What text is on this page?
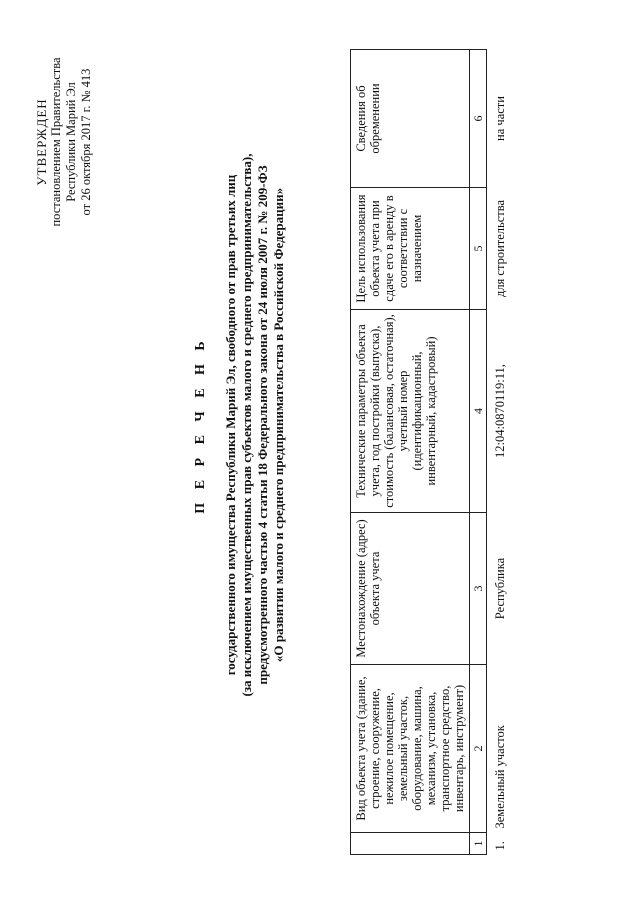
УТВЕРЖДЕН постановлением Правительства Республики Марий Эл от 26 октября 2017 г. № 413
П Е Р Е Ч Е Н Ь государственного имущества Республики Марий Эл, свободного от прав третьих лиц (за исключением имущественных прав субъектов малого и среднего предпринимательства), предусмотренного частью 4 статьи 18 Федерального закона от 24 июля 2007 г. № 209-ФЗ «О развитии малого и среднего предпринимательства в Российской Федерации»
	Вид объекта учета (здание, строение, сооружение, нежилое помещение, земельный участок, оборудование, машина, механизм, установка, транспортное средство, инвентарь, инструмент)	Местонахождение (адрес) объекта учета	Технические параметры объекта учета, год постройки (выпуска), стоимость (балансовая, остаточная), учетный номер (идентификационный, инвентарный, кадастровый)	Цель использования объекта учета при сдаче его в аренду в соответствии с назначением	Сведения об обременении
1	2	3	4	5	6
1.	Земельный участок	Республика	12:04:0870119:11,	для строительства	на части
